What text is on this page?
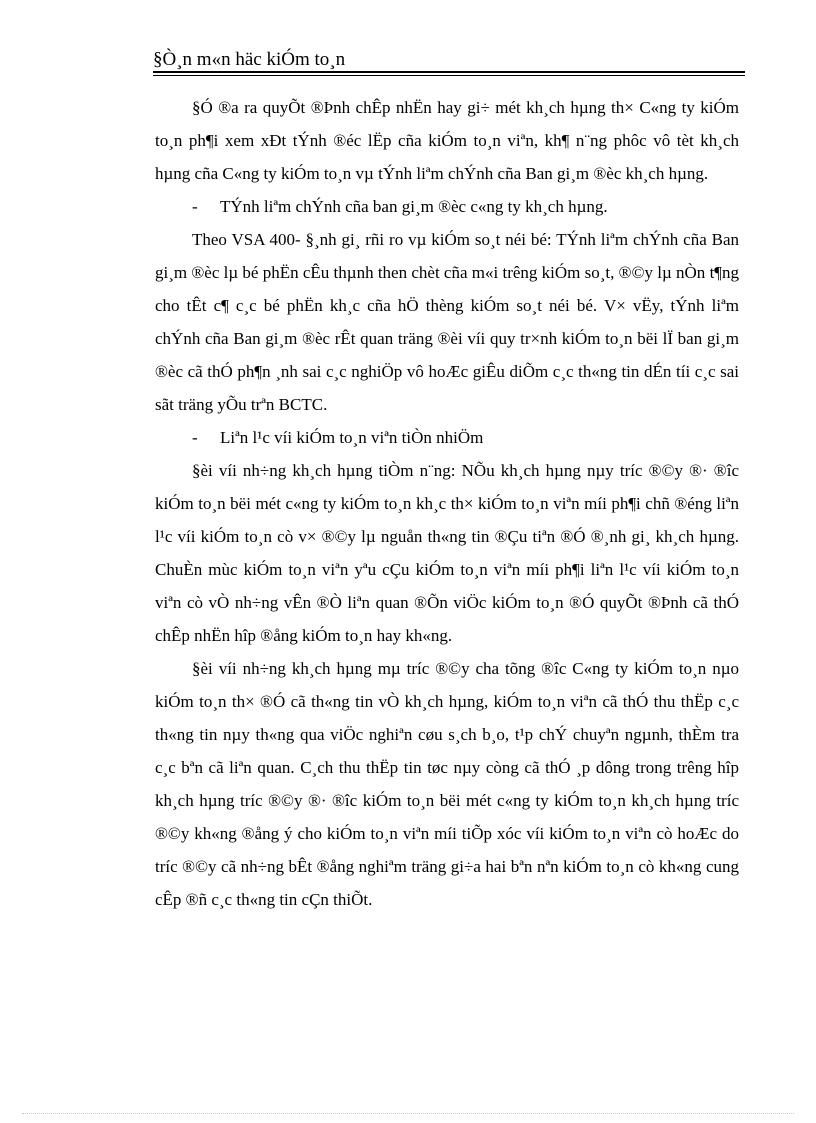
§Ò¸n m«n häc kiÓm to¸n

§Ó ®a ra quyÕt ®Þnh chÊp nhËn hay gi÷ mét kh¸ch hµng th× C«ng ty kiÓm to¸n ph¶i xem xÐt tÝnh ®éc lËp cña kiÓm to¸n viªn, kh¶ n¨ng phôc vô tèt kh¸ch hµng cña C«ng ty kiÓm to¸n vµ tÝnh liªm chÝnh cña Ban gi¸m ®èc kh¸ch hµng.

- TÝnh liªm chÝnh cña ban gi¸m ®èc c«ng ty kh¸ch hµng.

Theo VSA 400- §¸nh gi¸ rñi ro vµ kiÓm so¸t néi bé: TÝnh liªm chÝnh cña Ban gi¸m ®èc lµ bé phËn cÊu thµnh then chèt cña m«i trêng kiÓm so¸t, ®©y lµ nÒn t¶ng cho tÊt c¶ c¸c bé phËn kh¸c cña hÖ thèng kiÓm so¸t néi bé. V× vËy, tÝnh liªm chÝnh cña Ban gi¸m ®èc rÊt quan träng ®èi víi quy tr×nh kiÓm to¸n bëi lÏ ban gi¸m ®èc cã thÓ ph¶n ¸nh sai c¸c nghiÖp vô hoÆc giÊu diÕm c¸c th«ng tin dÉn tíi c¸c sai sãt träng yÕu trªn BCTC.

- Liªn l¹c víi kiÓm to¸n viªn tiÒn nhiÖm

§èi víi nh÷ng kh¸ch hµng tiÒm n¨ng: NÕu kh¸ch hµng nµy tríc ®©y ®· ®îc kiÓm to¸n bëi mét c«ng ty kiÓm to¸n kh¸c th× kiÓm to¸n viªn míi ph¶i chñ ®éng liªn l¹c víi kiÓm to¸n cò v× ®©y lµ nguån th«ng tin ®Çu tiªn ®Ó ®¸nh gi¸ kh¸ch hµng. ChuÈn mùc kiÓm to¸n viªn yªu cÇu kiÓm to¸n viªn míi ph¶i liªn l¹c víi kiÓm to¸n viªn cò vÒ nh÷ng vÊn ®Ò liªn quan ®Õn viÖc kiÓm to¸n ®Ó quyÕt ®Þnh cã thÓ chÊp nhËn hîp ®ång kiÓm to¸n hay kh«ng.

§èi víi nh÷ng kh¸ch hµng mµ tríc ®©y cha tõng ®îc C«ng ty kiÓm to¸n nµo kiÓm to¸n th× ®Ó cã th«ng tin vÒ kh¸ch hµng, kiÓm to¸n viªn cã thÓ thu thËp c¸c th«ng tin nµy th«ng qua viÖc nghiªn cøu s¸ch b¸o, t¹p chÝ chuyªn ngµnh, thÈm tra c¸c bªn cã liªn quan. C¸ch thu thËp tin tøc nµy còng cã thÓ ¸p dông trong trêng hîp kh¸ch hµng tríc ®©y ®· ®îc kiÓm to¸n bëi mét c«ng ty kiÓm to¸n kh¸ch hµng tríc ®©y kh«ng ®ång ý cho kiÓm to¸n viªn míi tiÕp xóc víi kiÓm to¸n viªn cò hoÆc do tríc ®©y cã nh÷ng bÊt ®ång nghiªm träng gi÷a hai bªn nªn kiÓm to¸n cò kh«ng cung cÊp ®ñ c¸c th«ng tin cÇn thiÕt.
